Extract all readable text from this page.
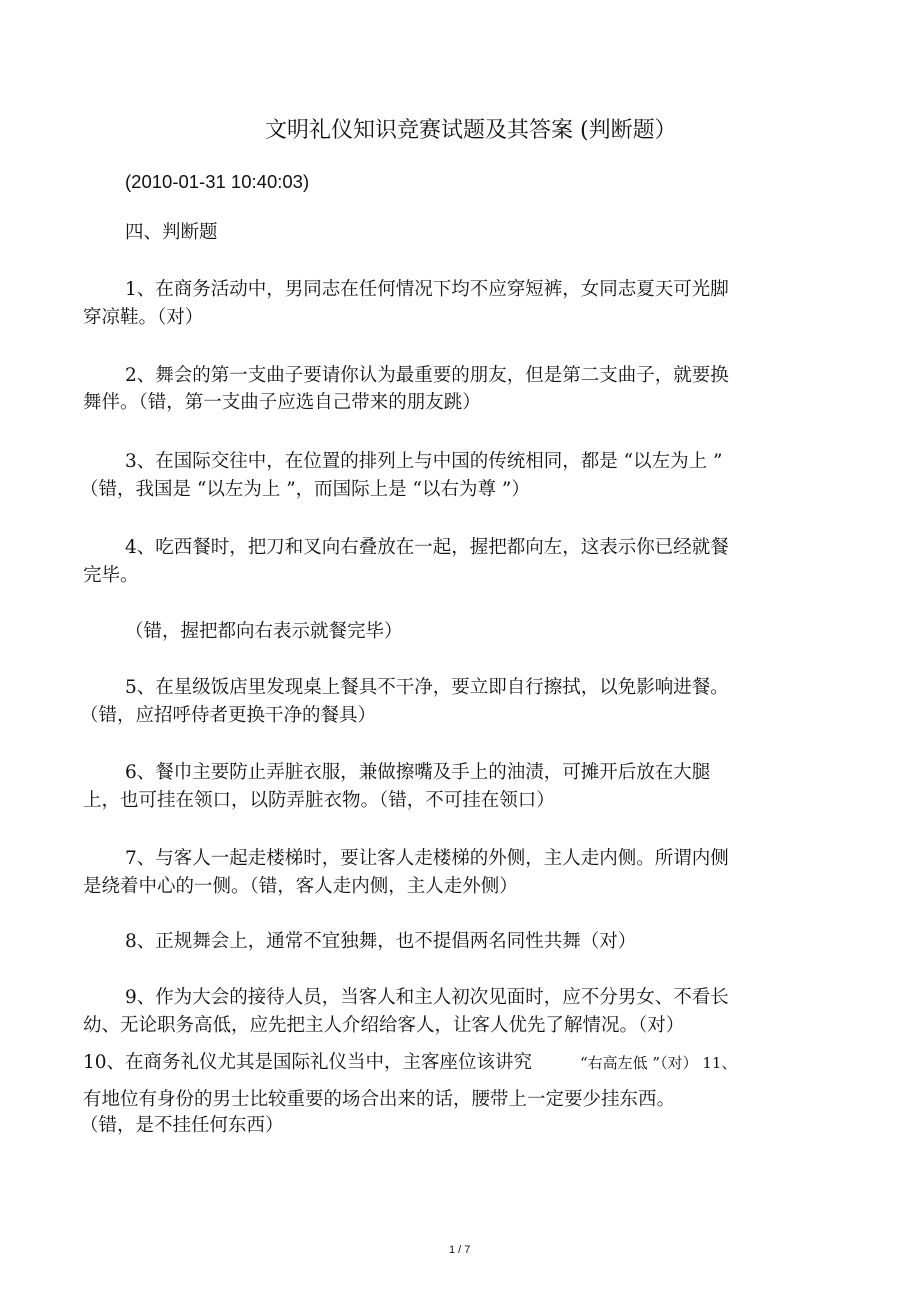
文明礼仪知识竞赛试题及其答案 (判断题）
(2010-01-31 10:40:03)
四、判断题
1、在商务活动中，男同志在任何情况下均不应穿短裤，女同志夏天可光脚
穿凉鞋。（对）
2、舞会的第一支曲子要请你认为最重要的朋友，但是第二支曲子，就要换
舞伴。（错，第一支曲子应选自己带来的朋友跳）
3、在国际交往中，在位置的排列上与中国的传统相同，都是 “以左为上 ”
（错，我国是 “以左为上 ”，而国际上是 “以右为尊 ”）
4、吃西餐时，把刀和叉向右叠放在一起，握把都向左，这表示你已经就餐
完毕。
（错，握把都向右表示就餐完毕）
5、在星级饭店里发现桌上餐具不干净，要立即自行擦拭，以免影响进餐。
（错，应招呼侍者更换干净的餐具）
6、餐巾主要防止弄脏衣服，兼做擦嘴及手上的油渍，可摊开后放在大腿
上，也可挂在领口，以防弄脏衣物。（错，不可挂在领口）
7、与客人一起走楼梯时，要让客人走楼梯的外侧，主人走内侧。所谓内侧
是绕着中心的一侧。（错，客人走内侧，主人走外侧）
8、正规舞会上，通常不宜独舞，也不提倡两名同性共舞（对）
9、作为大会的接待人员，当客人和主人初次见面时，应不分男女、不看长
幼、无论职务高低，应先把主人介绍给客人，让客人优先了解情况。（对）
10、在商务礼仪尤其是国际礼仪当中，主客座位该讲究	“右高左低 ”（对） 11、
有地位有身份的男士比较重要的场合出来的话，腰带上一定要少挂东西。
（错，是不挂任何东西）
1 / 7
